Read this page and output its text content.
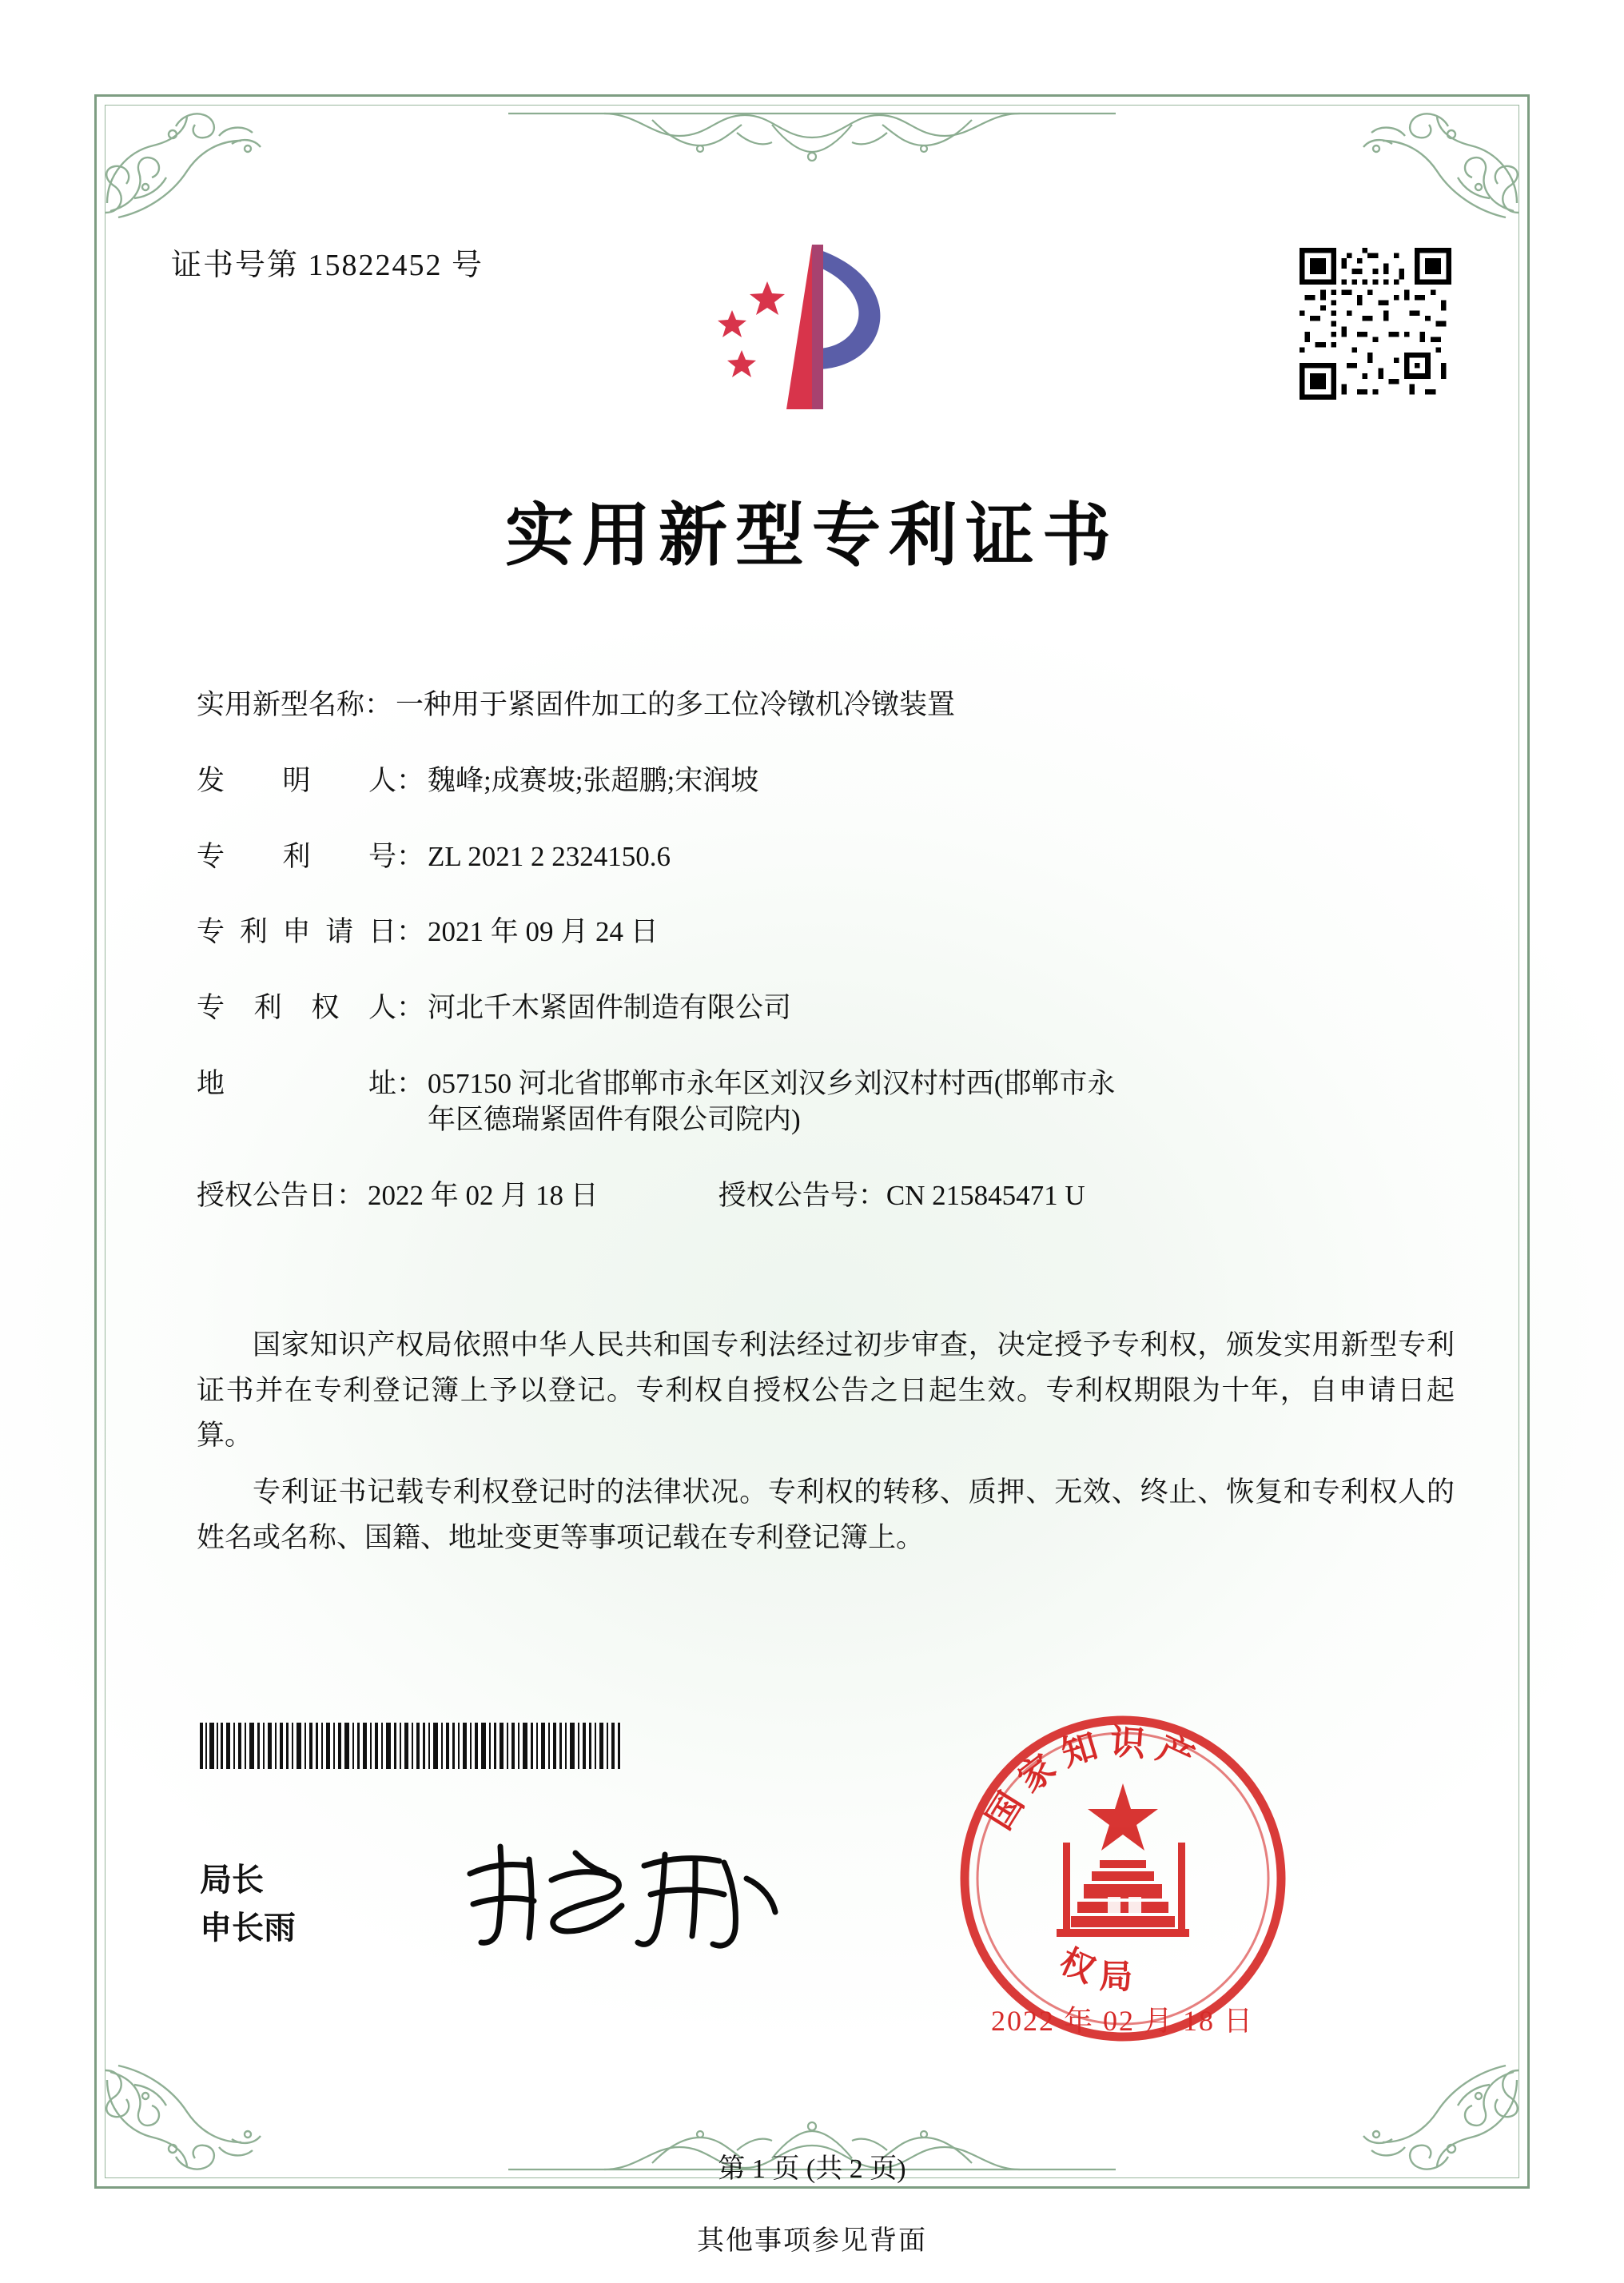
证书号第 15822452 号
实用新型专利证书
实用新型名称 ： 一种用于紧固件加工的多工位冷镦机冷镦装置
发 明 人 ： 魏峰;成赛坡;张超鹏;宋润坡
专 利 号 ： ZL 2021 2 2324150.6
专利申请日 ： 2021 年 09 月 24 日
专 利 权 人 ： 河北千木紧固件制造有限公司
地 址 ： 057150 河北省邯郸市永年区刘汉乡刘汉村村西(邯郸市永
年区德瑞紧固件有限公司院内)
授权公告日 ： 2022 年 02 月 18 日	授权公告号： CN 215845471 U

国家知识产权局依照中华人民共和国专利法经过初步审查，决定授予专利权，颁发实用新型专利证书并在专利登记簿上予以登记。专利权自授权公告之日起生效。专利权期限为十年，自申请日起算。

专利证书记载专利权登记时的法律状况。专利权的转移、质押、无效、终止、恢复和专利权人的姓名或名称、国籍、地址变更等事项记载在专利登记簿上。

局长
申长雨
国家知识产
权局
2022 年 02 月 18 日
第 1 页 (共 2 页)
其他事项参见背面
